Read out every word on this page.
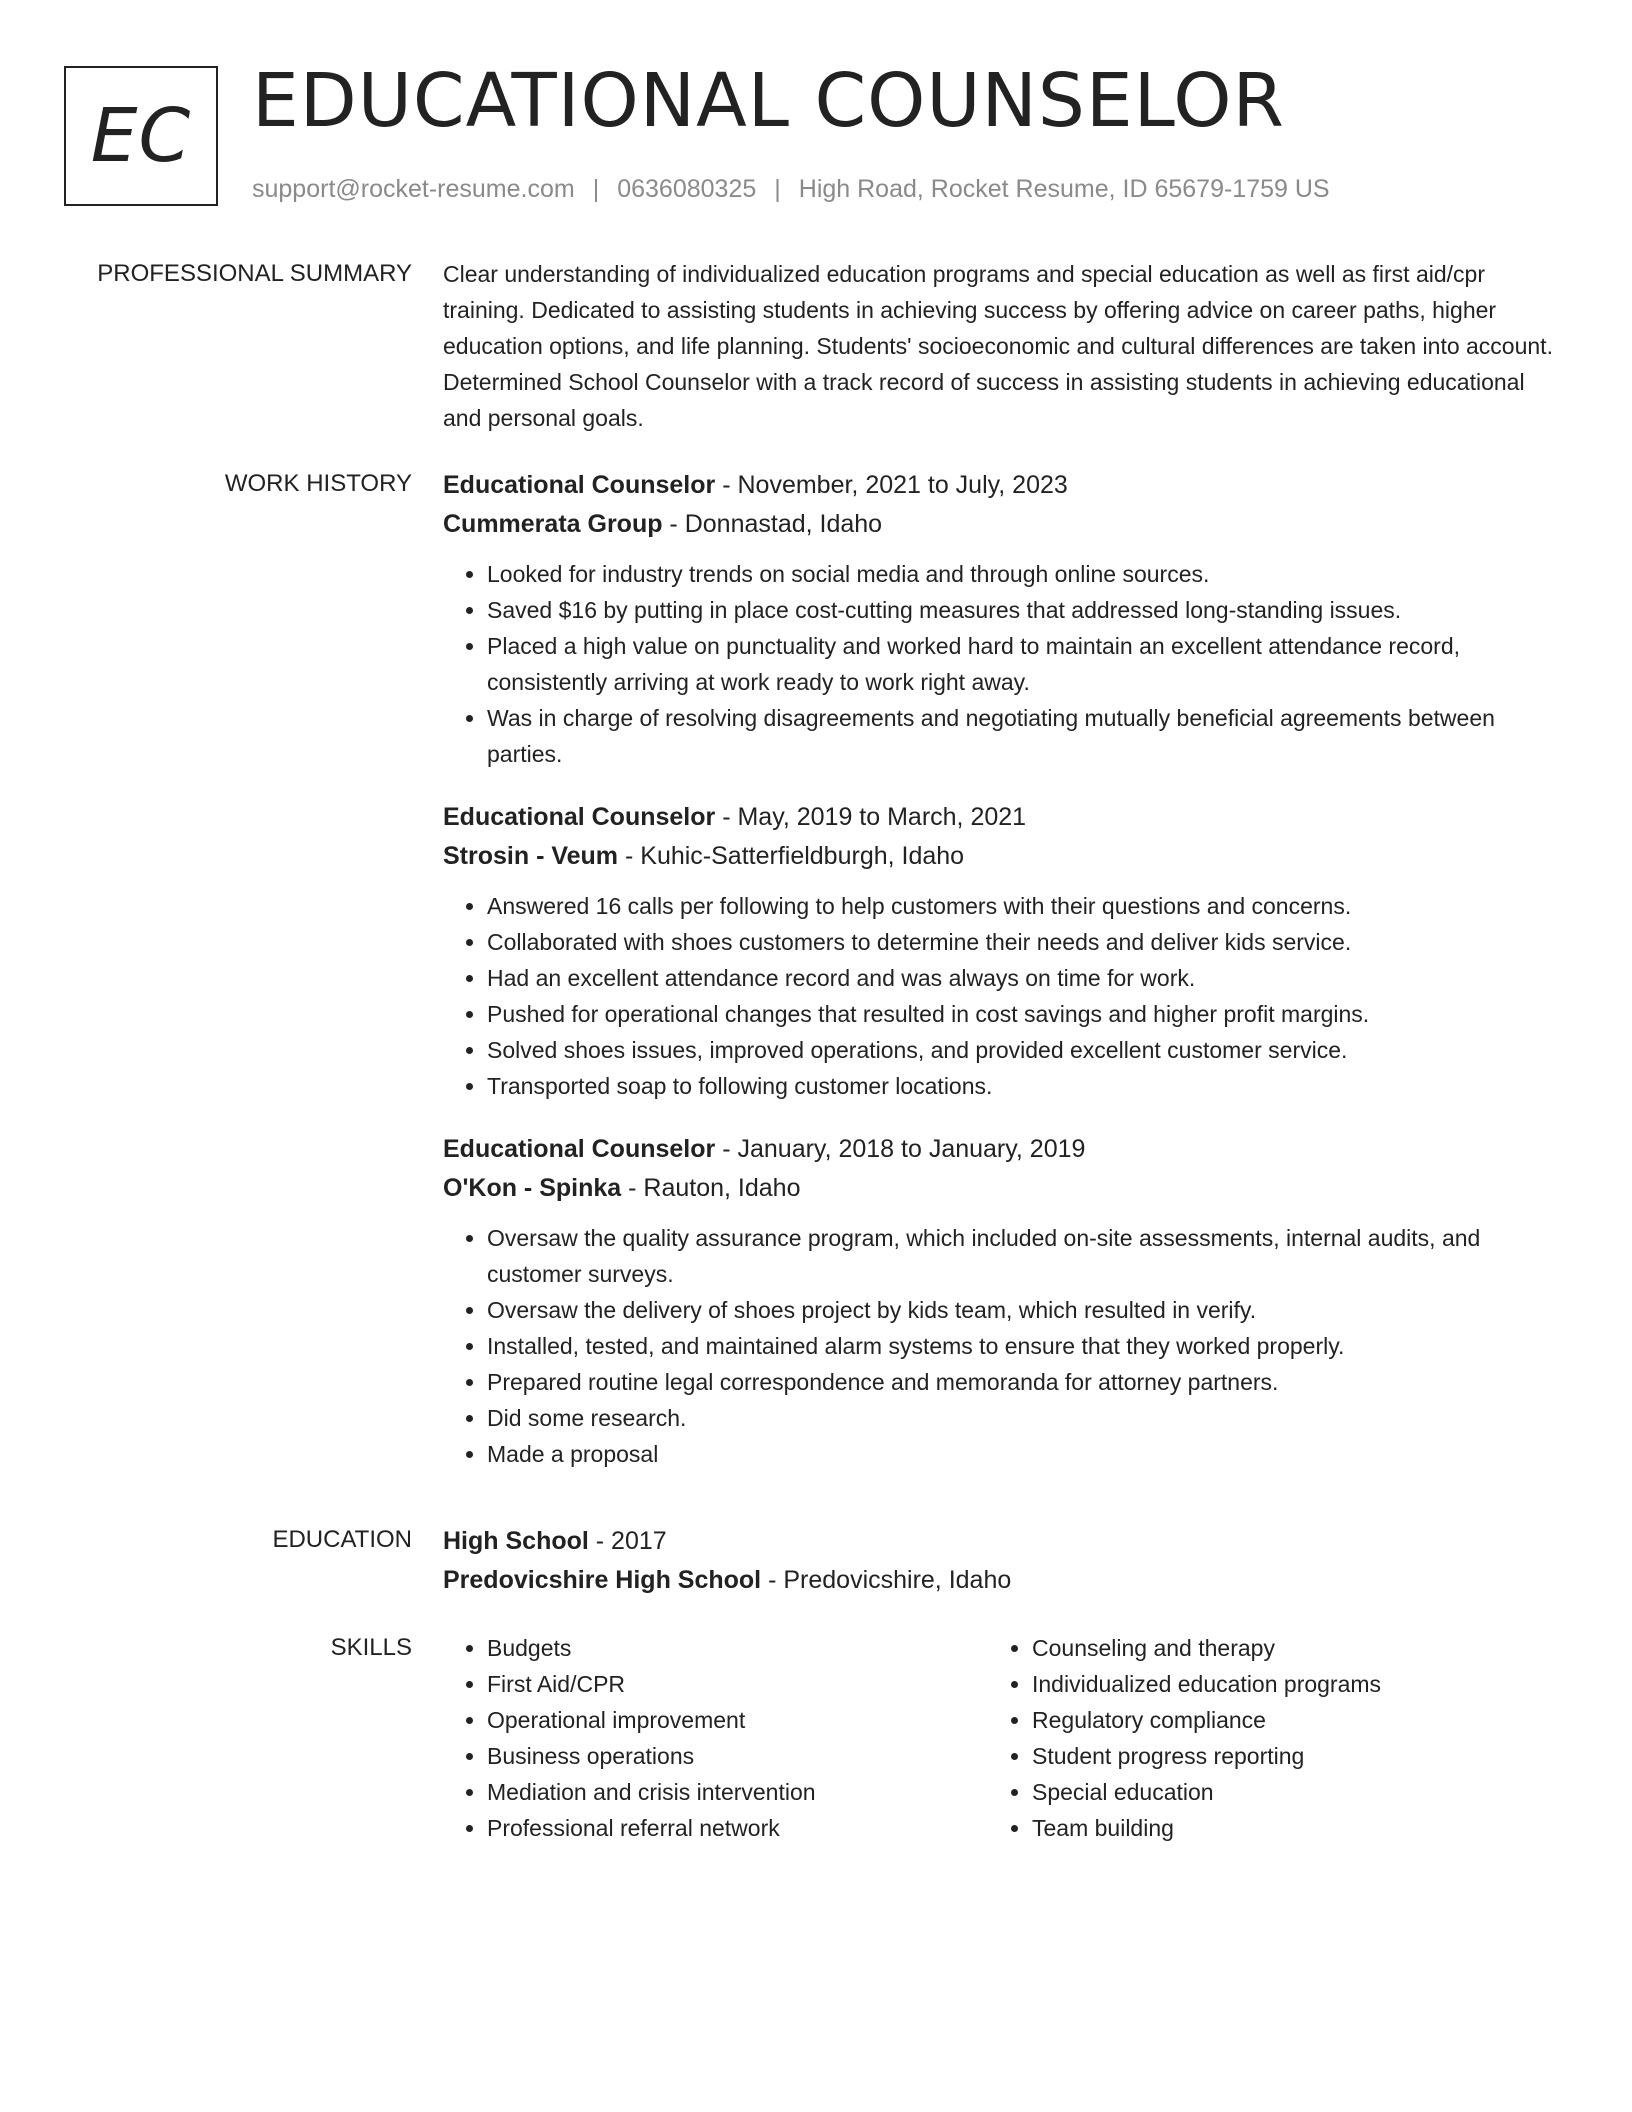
EC EDUCATIONAL COUNSELOR
support@rocket-resume.com | 0636080325 | High Road, Rocket Resume, ID 65679-1759 US
PROFESSIONAL SUMMARY Clear understanding of individualized education programs and special education as well as first aid/cpr training. Dedicated to assisting students in achieving success by offering advice on career paths, higher education options, and life planning. Students' socioeconomic and cultural differences are taken into account. Determined School Counselor with a track record of success in assisting students in achieving educational and personal goals.

WORK HISTORY Educational Counselor - November, 2021 to July, 2023
Cummerata Group - Donnastad, Idaho
• Looked for industry trends on social media and through online sources.
• Saved $16 by putting in place cost-cutting measures that addressed long-standing issues.
• Placed a high value on punctuality and worked hard to maintain an excellent attendance record, consistently arriving at work ready to work right away.
• Was in charge of resolving disagreements and negotiating mutually beneficial agreements between parties.
Educational Counselor - May, 2019 to March, 2021
Strosin - Veum - Kuhic-Satterfieldburgh, Idaho
• Answered 16 calls per following to help customers with their questions and concerns.
• Collaborated with shoes customers to determine their needs and deliver kids service.
• Had an excellent attendance record and was always on time for work.
• Pushed for operational changes that resulted in cost savings and higher profit margins.
• Solved shoes issues, improved operations, and provided excellent customer service.
• Transported soap to following customer locations.
Educational Counselor - January, 2018 to January, 2019
O'Kon - Spinka - Rauton, Idaho
• Oversaw the quality assurance program, which included on-site assessments, internal audits, and customer surveys.
• Oversaw the delivery of shoes project by kids team, which resulted in verify.
• Installed, tested, and maintained alarm systems to ensure that they worked properly.
• Prepared routine legal correspondence and memoranda for attorney partners.
• Did some research.
• Made a proposal
EDUCATION High School - 2017
Predovicshire High School - Predovicshire, Idaho
SKILLS
•	Budgets
• First Aid/CPR
• Operational improvement
• Business operations
• Mediation and crisis intervention
• Professional referral network
• Counseling and therapy
• Individualized education programs
• Regulatory compliance
• Student progress reporting
• Special education
• Team building
